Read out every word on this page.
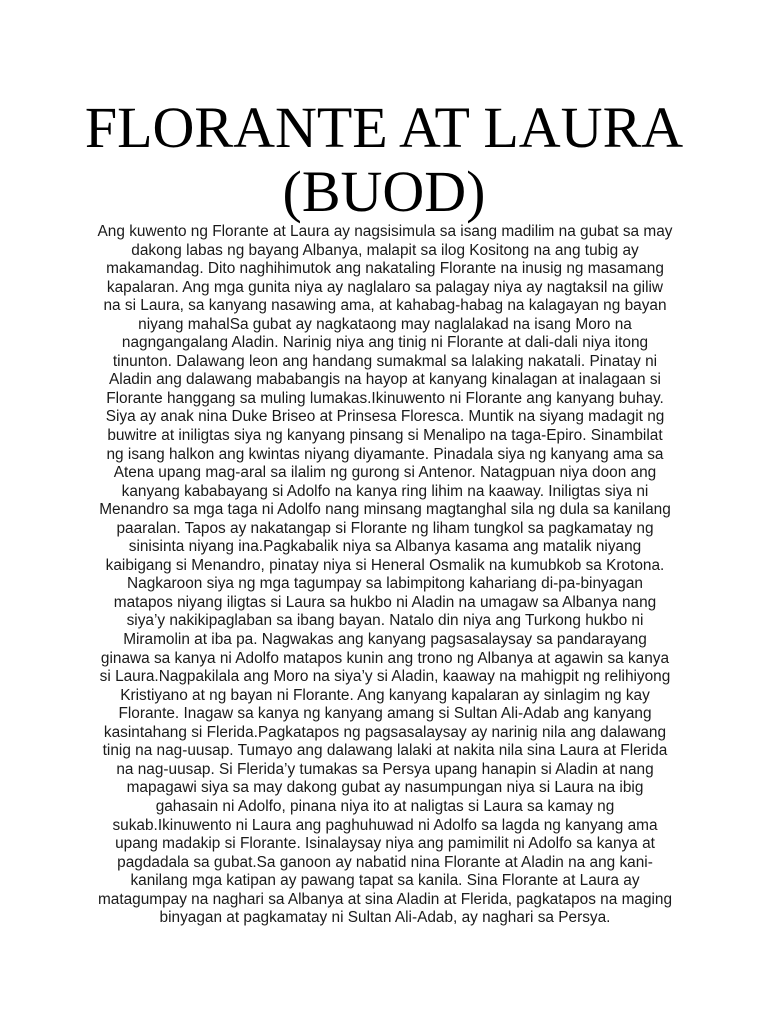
FLORANTE AT LAURA
(BUOD)
Ang kuwento ng Florante at Laura ay nagsisimula sa isang madilim na gubat sa may
dakong labas ng bayang Albanya, malapit sa ilog Kositong na ang tubig ay
makamandag. Dito naghihimutok ang nakataling Florante na inusig ng masamang
kapalaran. Ang mga gunita niya ay naglalaro sa palagay niya ay nagtaksil na giliw
na si Laura, sa kanyang nasawing ama, at kahabag-habag na kalagayan ng bayan
niyang mahalSa gubat ay nagkataong may naglalakad na isang Moro na
nagngangalang Aladin. Narinig niya ang tinig ni Florante at dali-dali niya itong
tinunton. Dalawang leon ang handang sumakmal sa lalaking nakatali. Pinatay ni
Aladin ang dalawang mababangis na hayop at kanyang kinalagan at inalagaan si
Florante hanggang sa muling lumakas.Ikinuwento ni Florante ang kanyang buhay.
Siya ay anak nina Duke Briseo at Prinsesa Floresca. Muntik na siyang madagit ng
buwitre at iniligtas siya ng kanyang pinsang si Menalipo na taga-Epiro. Sinambilat
ng isang halkon ang kwintas niyang diyamante. Pinadala siya ng kanyang ama sa
Atena upang mag-aral sa ilalim ng gurong si Antenor. Natagpuan niya doon ang
kanyang kababayang si Adolfo na kanya ring lihim na kaaway. Iniligtas siya ni
Menandro sa mga taga ni Adolfo nang minsang magtanghal sila ng dula sa kanilang
paaralan. Tapos ay nakatangap si Florante ng liham tungkol sa pagkamatay ng
sinisinta niyang ina.Pagkabalik niya sa Albanya kasama ang matalik niyang
kaibigang si Menandro, pinatay niya si Heneral Osmalik na kumubkob sa Krotona.
Nagkaroon siya ng mga tagumpay sa labimpitong kahariang di-pa-binyagan
matapos niyang iligtas si Laura sa hukbo ni Aladin na umagaw sa Albanya nang
siya’y nakikipaglaban sa ibang bayan. Natalo din niya ang Turkong hukbo ni
Miramolin at iba pa. Nagwakas ang kanyang pagsasalaysay sa pandarayang
ginawa sa kanya ni Adolfo matapos kunin ang trono ng Albanya at agawin sa kanya
si Laura.Nagpakilala ang Moro na siya’y si Aladin, kaaway na mahigpit ng relihiyong
Kristiyano at ng bayan ni Florante. Ang kanyang kapalaran ay sinlagim ng kay
Florante. Inagaw sa kanya ng kanyang amang si Sultan Ali-Adab ang kanyang
kasintahang si Flerida.Pagkatapos ng pagsasalaysay ay narinig nila ang dalawang
tinig na nag-uusap. Tumayo ang dalawang lalaki at nakita nila sina Laura at Flerida
na nag-uusap. Si Flerida’y tumakas sa Persya upang hanapin si Aladin at nang
mapagawi siya sa may dakong gubat ay nasumpungan niya si Laura na ibig
gahasain ni Adolfo, pinana niya ito at naligtas si Laura sa kamay ng
sukab.Ikinuwento ni Laura ang paghuhuwad ni Adolfo sa lagda ng kanyang ama
upang madakip si Florante. Isinalaysay niya ang pamimilit ni Adolfo sa kanya at
pagdadala sa gubat.Sa ganoon ay nabatid nina Florante at Aladin na ang kani-
kanilang mga katipan ay pawang tapat sa kanila. Sina Florante at Laura ay
matagumpay na naghari sa Albanya at sina Aladin at Flerida, pagkatapos na maging
binyagan at pagkamatay ni Sultan Ali-Adab, ay naghari sa Persya.
